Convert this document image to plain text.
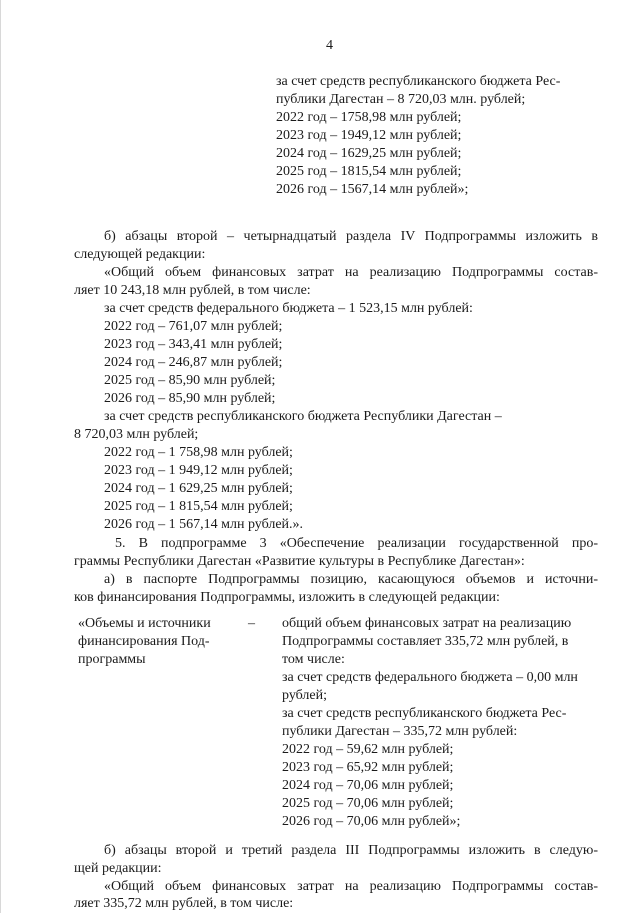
4
за счет средств республиканского бюджета Рес-
публики Дагестан – 8 720,03 млн. рублей;
2022 год – 1758,98 млн рублей;
2023 год – 1949,12 млн рублей;
2024 год – 1629,25 млн рублей;
2025 год – 1815,54 млн рублей;
2026 год – 1567,14 млн рублей»;
б) абзацы второй – четырнадцатый раздела IV Подпрограммы изложить в
следующей редакции:
«Общий объем финансовых затрат на реализацию Подпрограммы состав-
ляет 10 243,18 млн рублей, в том числе:
за счет средств федерального бюджета – 1 523,15 млн рублей:
2022 год – 761,07 млн рублей;
2023 год – 343,41 млн рублей;
2024 год – 246,87 млн рублей;
2025 год – 85,90 млн рублей;
2026 год – 85,90 млн рублей;
за счет средств республиканского бюджета Республики Дагестан –
8 720,03 млн рублей;
2022 год – 1 758,98 млн рублей;
2023 год – 1 949,12 млн рублей;
2024 год – 1 629,25 млн рублей;
2025 год – 1 815,54 млн рублей;
2026 год – 1 567,14 млн рублей.».
5. В подпрограмме 3 «Обеспечение реализации государственной про-
граммы Республики Дагестан «Развитие культуры в Республике Дагестан»:
а) в паспорте Подпрограммы позицию, касающуюся объемов и источни-
ков финансирования Подпрограммы, изложить в следующей редакции:
«Объемы и источники
финансирования Под-
программы
– общий объем финансовых затрат на реализацию
Подпрограммы составляет 335,72 млн рублей, в
том числе:
за счет средств федерального бюджета – 0,00 млн
рублей;
за счет средств республиканского бюджета Рес-
публики Дагестан – 335,72 млн рублей:
2022 год – 59,62 млн рублей;
2023 год – 65,92 млн рублей;
2024 год – 70,06 млн рублей;
2025 год – 70,06 млн рублей;
2026 год – 70,06 млн рублей»;
б) абзацы второй и третий раздела III Подпрограммы изложить в следую-
щей редакции:
«Общий объем финансовых затрат на реализацию Подпрограммы состав-
ляет 335,72 млн рублей, в том числе:
